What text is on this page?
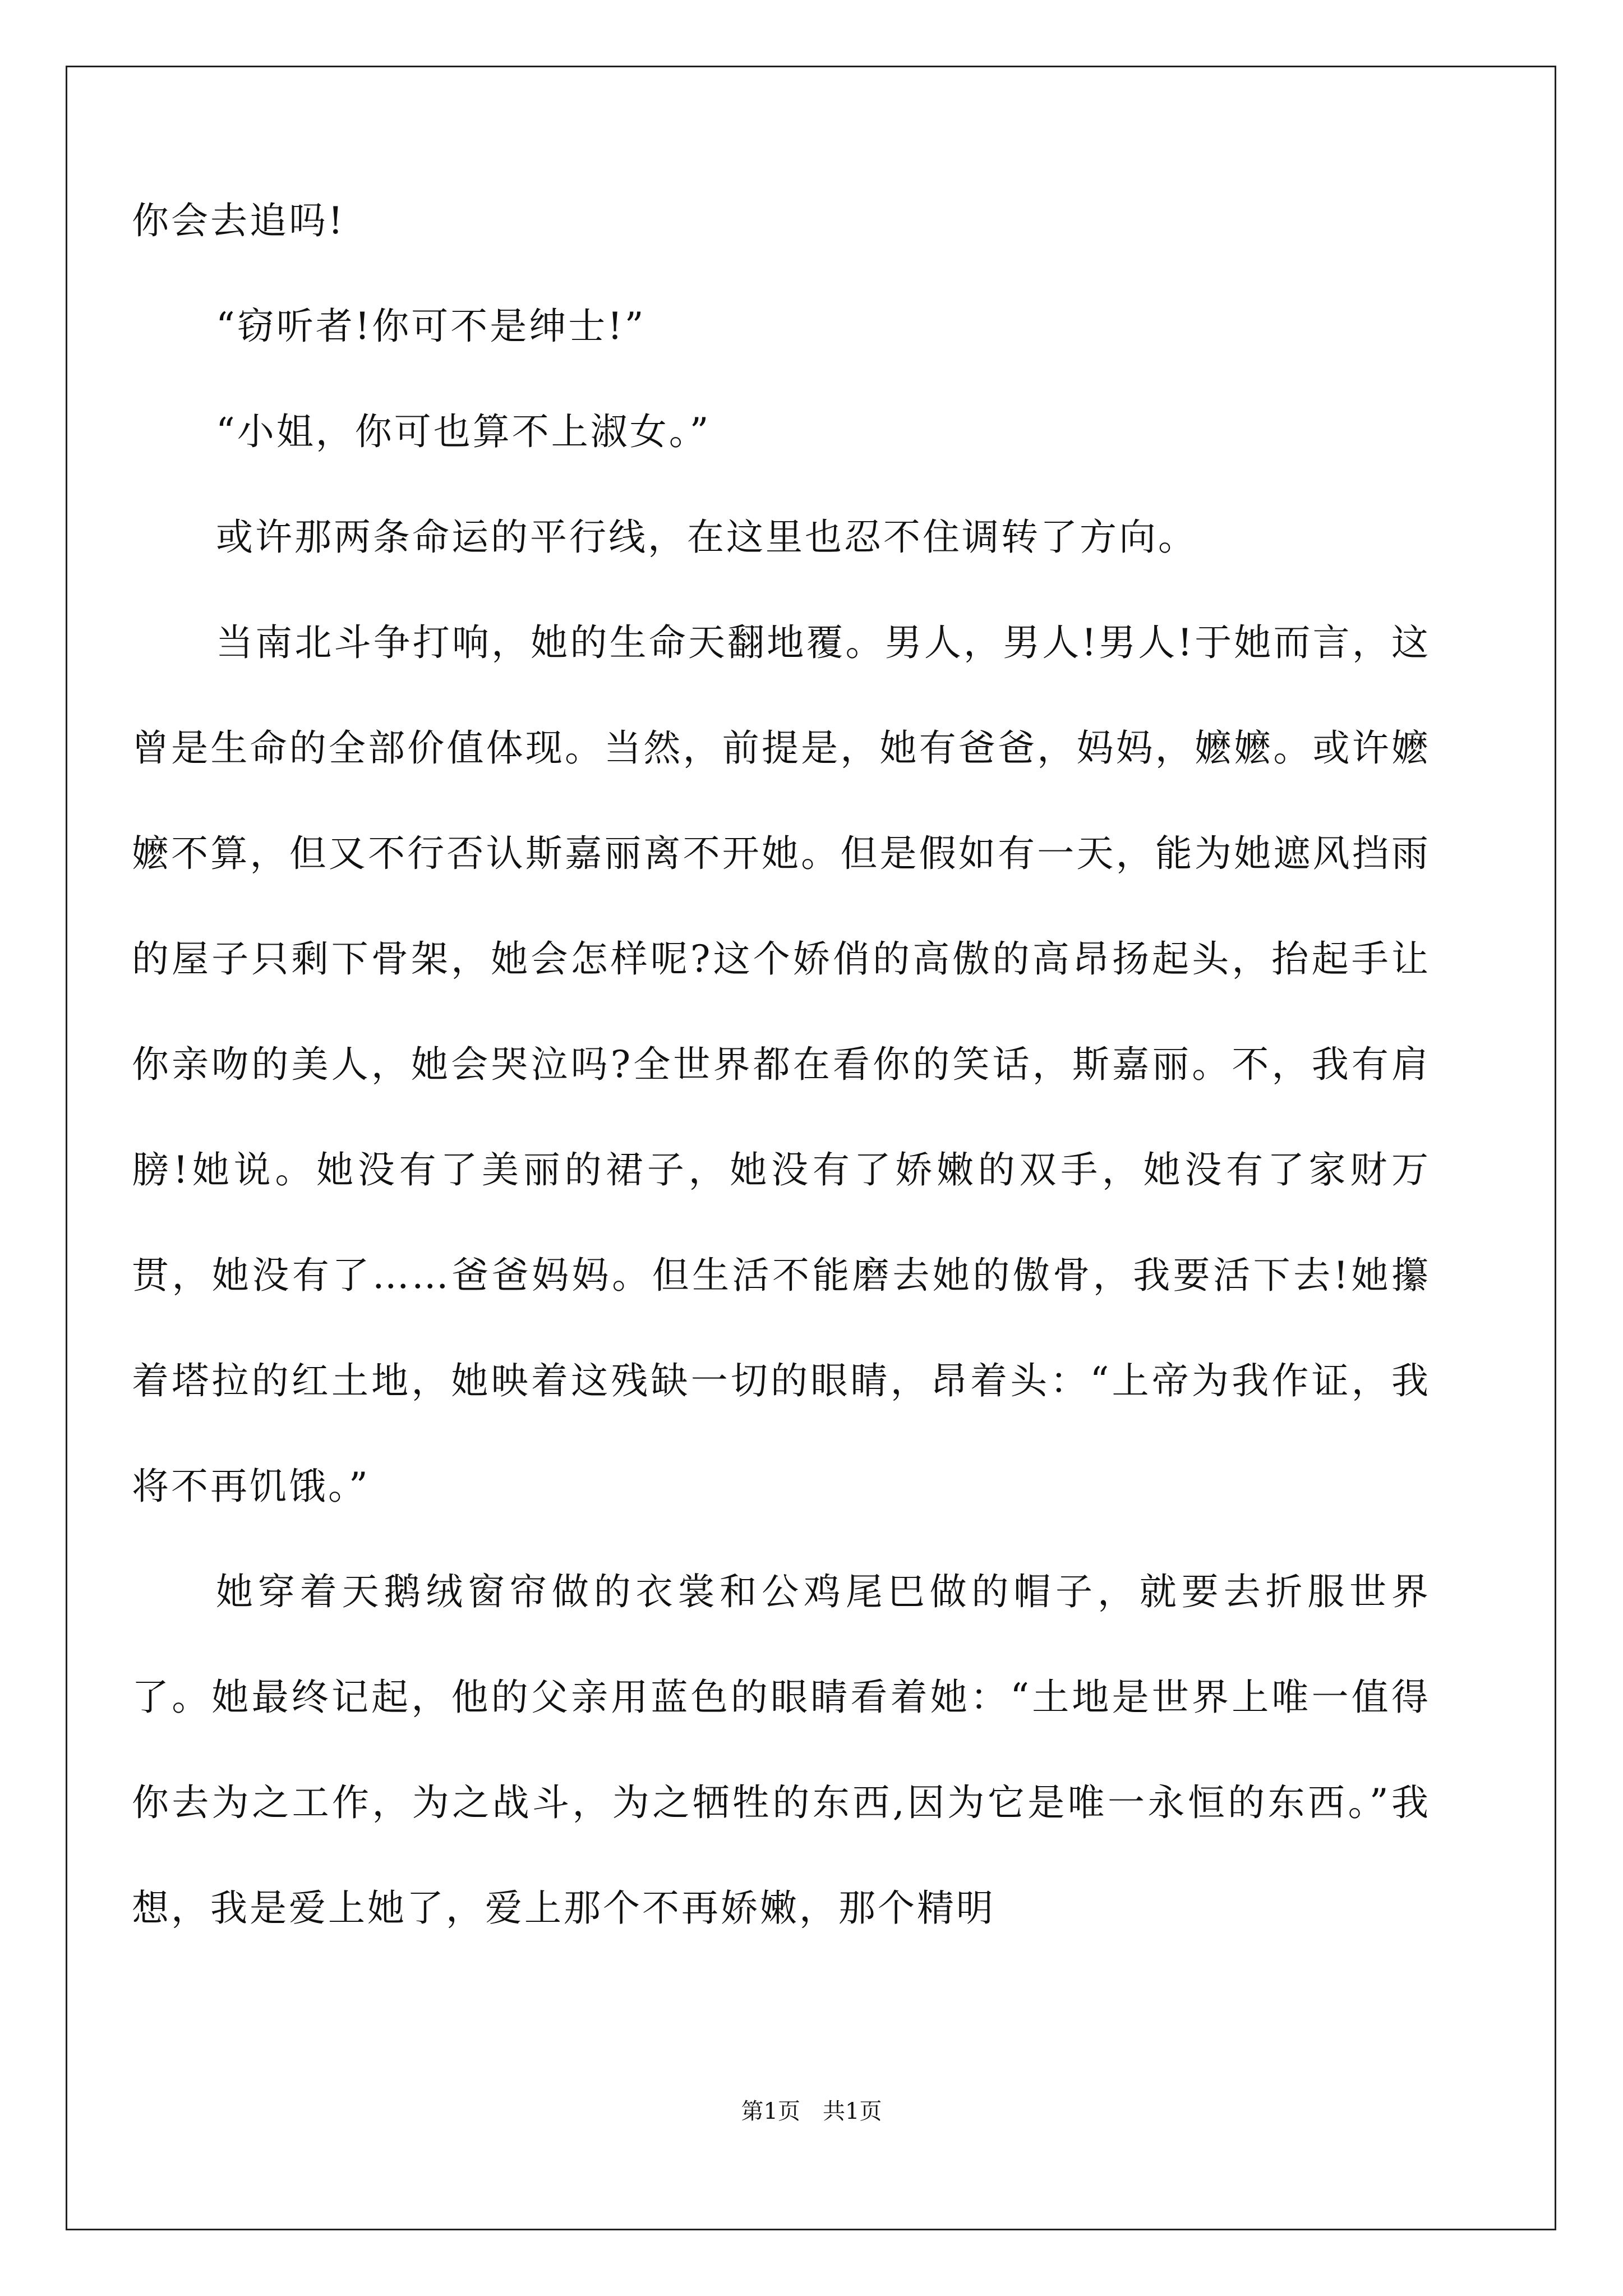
你会去追吗!

“窃听者!你可不是绅士!”

“小姐，你可也算不上淑女。”

或许那两条命运的平行线，在这里也忍不住调转了方向。

当南北斗争打响，她的生命天翻地覆。男人，男人!男人!于她而言，这曾是生命的全部价值体现。当然，前提是，她有爸爸，妈妈，嬷嬷。或许嬷嬷不算，但又不行否认斯嘉丽离不开她。但是假如有一天，能为她遮风挡雨的屋子只剩下骨架，她会怎样呢?这个娇俏的高傲的高昂扬起头，抬起手让你亲吻的美人，她会哭泣吗?全世界都在看你的笑话，斯嘉丽。不，我有肩膀!她说。她没有了美丽的裙子，她没有了娇嫩的双手，她没有了家财万贯，她没有了……爸爸妈妈。但生活不能磨去她的傲骨，我要活下去!她攥着塔拉的红土地，她映着这残缺一切的眼睛，昂着头：“上帝为我作证，我将不再饥饿。”

她穿着天鹅绒窗帘做的衣裳和公鸡尾巴做的帽子，就要去折服世界了。她最终记起，他的父亲用蓝色的眼睛看着她：“土地是世界上唯一值得你去为之工作，为之战斗，为之牺牲的东西,因为它是唯一永恒的东西。”我想，我是爱上她了，爱上那个不再娇嫩，那个精明

第1页　共1页
